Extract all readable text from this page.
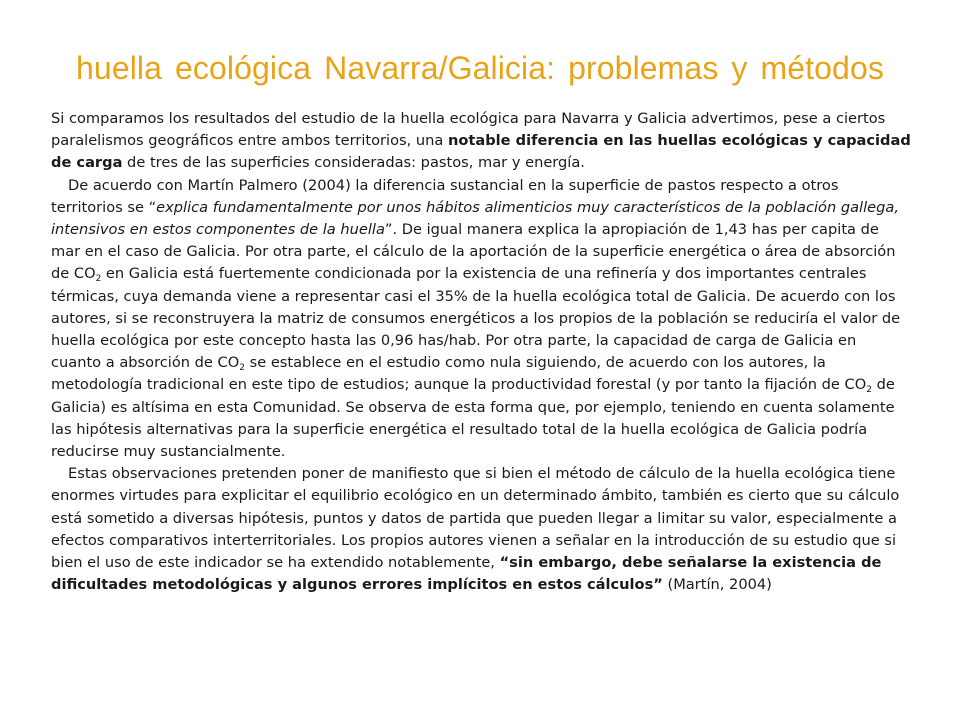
huella ecológica Navarra/Galicia: problemas y métodos

Si comparamos los resultados del estudio de la huella ecológica para Navarra y Galicia advertimos, pese a ciertos paralelismos geográficos entre ambos territorios, una notable diferencia en las huellas ecológicas y capacidad de carga de tres de las superficies consideradas: pastos, mar y energía.

De acuerdo con Martín Palmero (2004) la diferencia sustancial en la superficie de pastos respecto a otros territorios se “explica fundamentalmente por unos hábitos alimenticios muy característicos de la población gallega, intensivos en estos componentes de la huella”. De igual manera explica la apropiación de 1,43 has per capita de mar en el caso de Galicia. Por otra parte, el cálculo de la aportación de la superficie energética o área de absorción de $CO_2$ en Galicia está fuertemente condicionada por la existencia de una refinería y dos importantes centrales térmicas, cuya demanda viene a representar casi el 35% de la huella ecológica total de Galicia. De acuerdo con los autores, si se reconstruyera la matriz de consumos energéticos a los propios de la población se reduciría el valor de huella ecológica por este concepto hasta las 0,96 has/hab. Por otra parte, la capacidad de carga de Galicia en cuanto a absorción de $CO_2$ se establece en el estudio como nula siguiendo, de acuerdo con los autores, la metodología tradicional en este tipo de estudios; aunque la productividad forestal (y por tanto la fijación de $CO_2$ de Galicia) es altísima en esta Comunidad. Se observa de esta forma que, por ejemplo, teniendo en cuenta solamente las hipótesis alternativas para la superficie energética el resultado total de la huella ecológica de Galicia podría reducirse muy sustancialmente.

Estas observaciones pretenden poner de manifiesto que si bien el método de cálculo de la huella ecológica tiene enormes virtudes para explicitar el equilibrio ecológico en un determinado ámbito, también es cierto que su cálculo está sometido a diversas hipótesis, puntos y datos de partida que pueden llegar a limitar su valor, especialmente a efectos comparativos interterritoriales. Los propios autores vienen a señalar en la introducción de su estudio que si bien el uso de este indicador se ha extendido notablemente, “sin embargo, debe señalarse la existencia de dificultades metodológicas y algunos errores implícitos en estos cálculos” (Martín, 2004)
